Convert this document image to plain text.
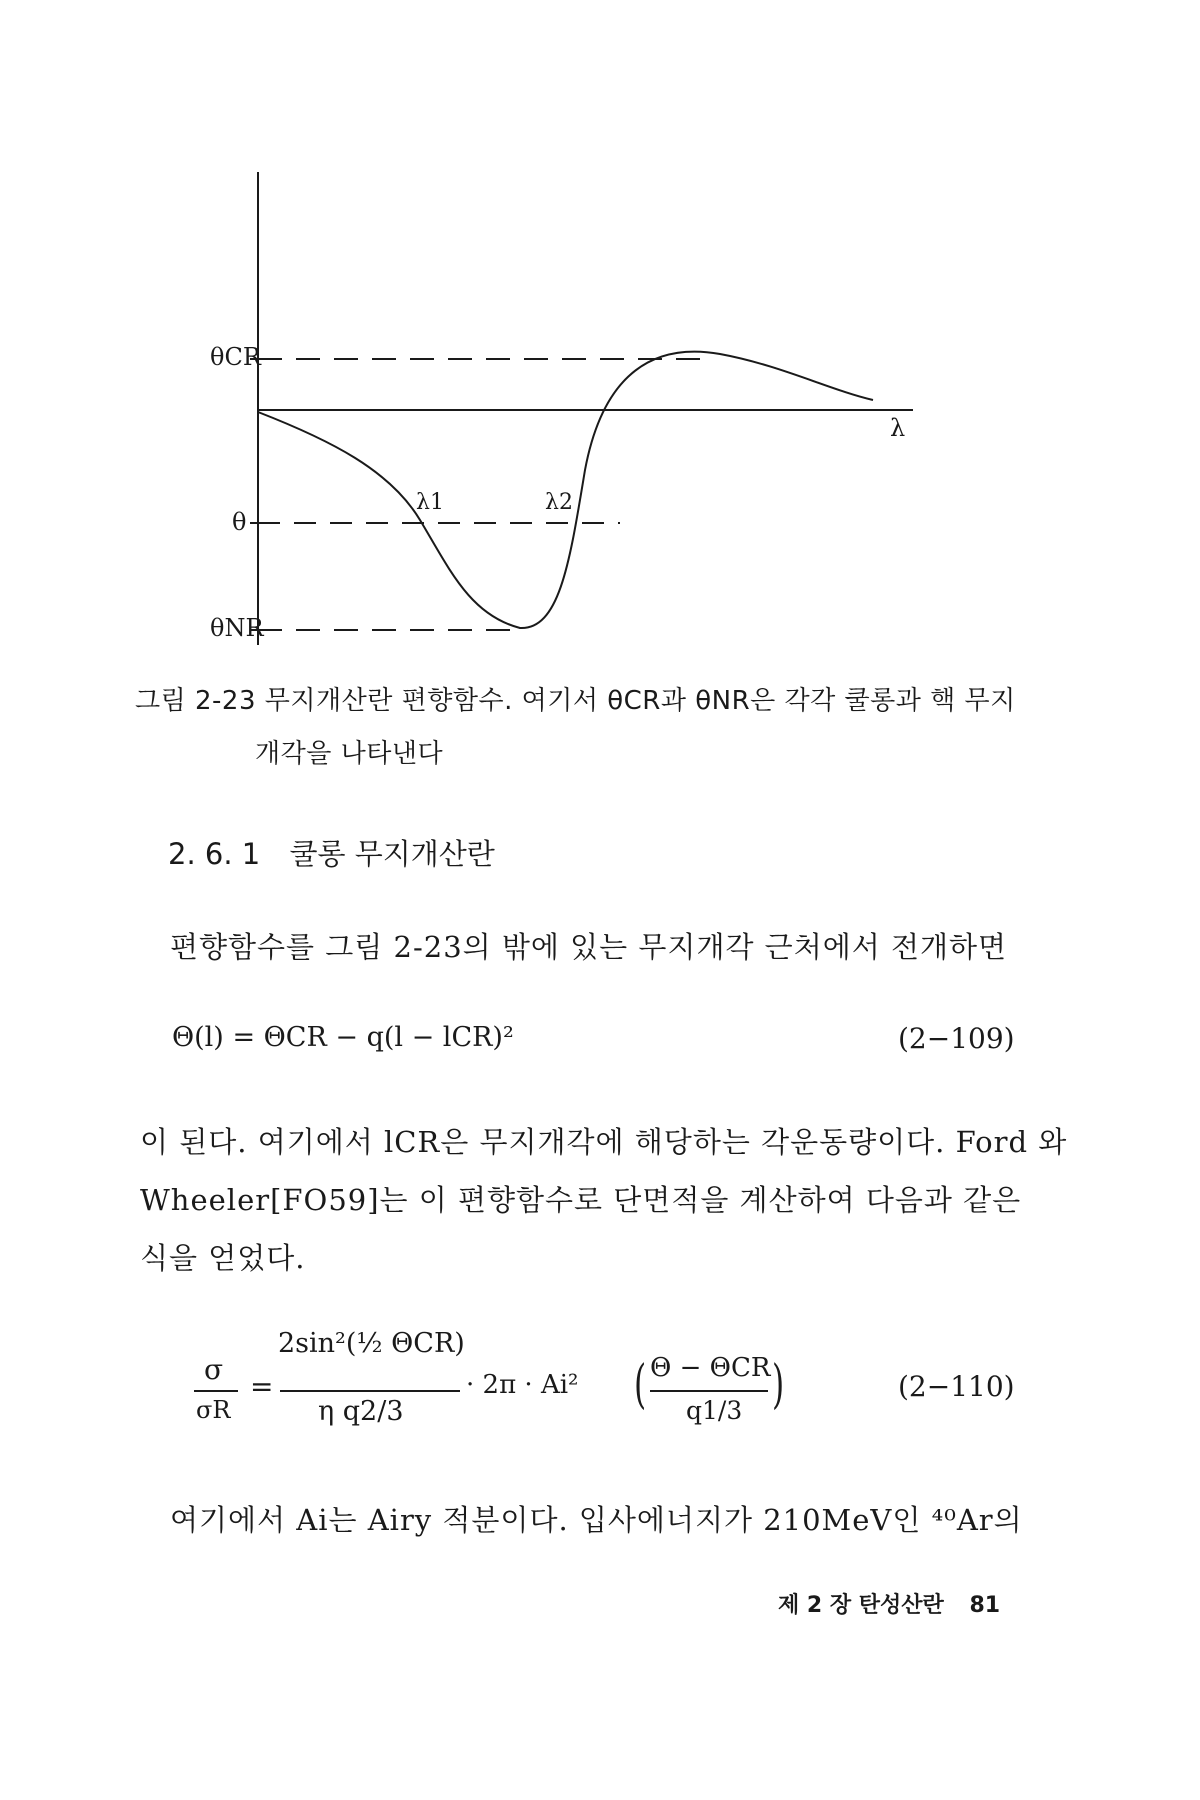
θCR
θ
θNR
λ
λ1	λ2
그림 2-23 무지개산란 편향함수. 여기서 θCR과 θNR은 각각 쿨롱과 핵 무지
개각을 나타낸다
2. 6. 1 쿨롱 무지개산란
편향함수를 그림 2-23의 밖에 있는 무지개각 근처에서 전개하면
Θ(l) = ΘCR − q(l − lCR)²	(2−109)
이 된다. 여기에서 lCR은 무지개각에 해당하는 각운동량이다. Ford 와
Wheeler[FO59]는 이 편향함수로 단면적을 계산하여 다음과 같은
식을 얻었다.
σ
σR
=
2sin²(½ ΘCR)
η q2/3
· 2π · Ai² ( Θ − ΘCR
q1/3 )	(2−110)
여기에서 Ai는 Airy 적분이다. 입사에너지가 210MeV인 ⁴⁰Ar의
제 2 장 탄성산란 81
